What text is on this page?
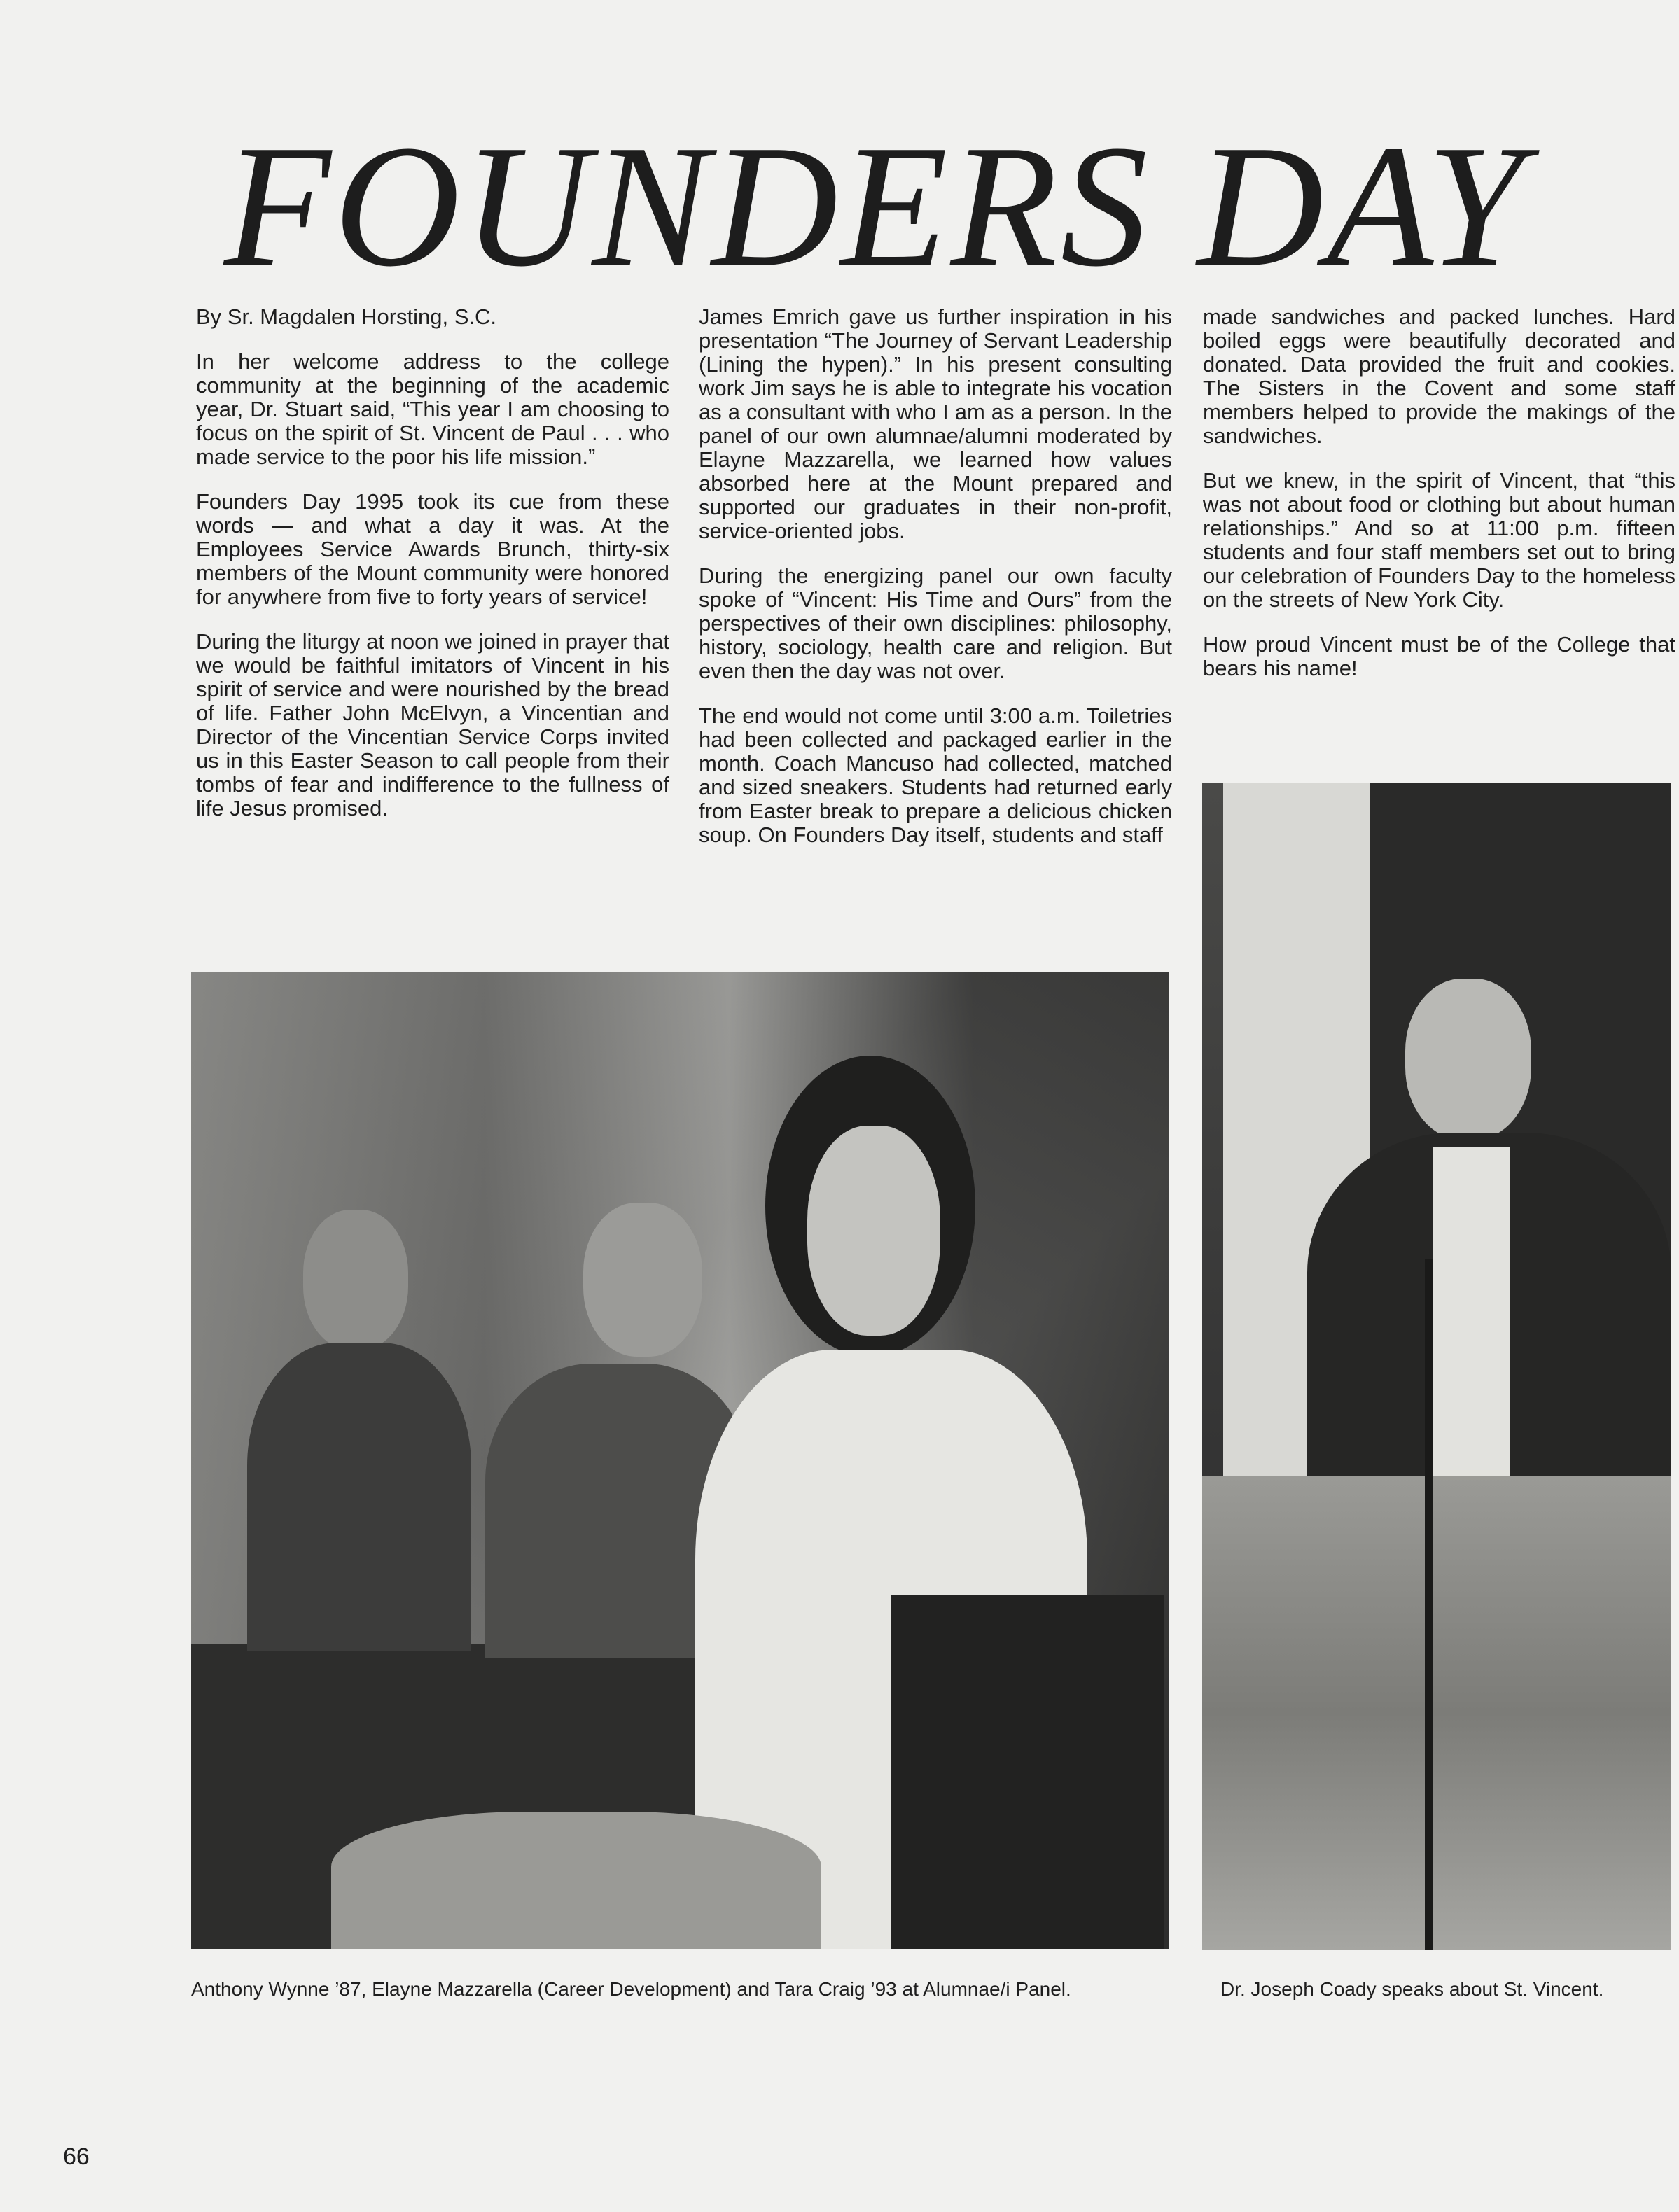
FOUNDERS DAY

By Sr. Magdalen Horsting, S.C.

In her welcome address to the college community at the beginning of the academic year, Dr. Stuart said, “This year I am choosing to focus on the spirit of St. Vincent de Paul . . . who made service to the poor his life mission.”

Founders Day 1995 took its cue from these words — and what a day it was. At the Employees Service Awards Brunch, thirty-six members of the Mount community were honored for anywhere from five to forty years of service!

During the liturgy at noon we joined in prayer that we would be faithful imitators of Vincent in his spirit of service and were nourished by the bread of life. Father John McElvyn, a Vincentian and Director of the Vincentian Service Corps invited us in this Easter Season to call people from their tombs of fear and indifference to the fullness of life Jesus promised.

James Emrich gave us further inspiration in his presentation “The Journey of Servant Leadership (Lining the hypen).” In his present consulting work Jim says he is able to integrate his vocation as a consultant with who I am as a person. In the panel of our own alumnae/alumni moderated by Elayne Mazzarella, we learned how values absorbed here at the Mount prepared and supported our graduates in their non-profit, service-oriented jobs.

During the energizing panel our own faculty spoke of “Vincent: His Time and Ours” from the perspectives of their own disciplines: philosophy, history, sociology, health care and religion. But even then the day was not over.

The end would not come until 3:00 a.m. Toiletries had been collected and packaged earlier in the month. Coach Mancuso had collected, matched and sized sneakers. Students had returned early from Easter break to prepare a delicious chicken soup. On Founders Day itself, students and staff

made sandwiches and packed lunches. Hard boiled eggs were beautifully decorated and donated. Data provided the fruit and cookies. The Sisters in the Covent and some staff members helped to provide the makings of the sandwiches.

But we knew, in the spirit of Vincent, that “this was not about food or clothing but about human relationships.” And so at 11:00 p.m. fifteen students and four staff members set out to bring our celebration of Founders Day to the homeless on the streets of New York City.

How proud Vincent must be of the College that bears his name!

Anthony Wynne ’87, Elayne Mazzarella (Career Development) and Tara Craig ’93 at Alumnae/i Panel.	Dr. Joseph Coady speaks about St. Vincent.

66
